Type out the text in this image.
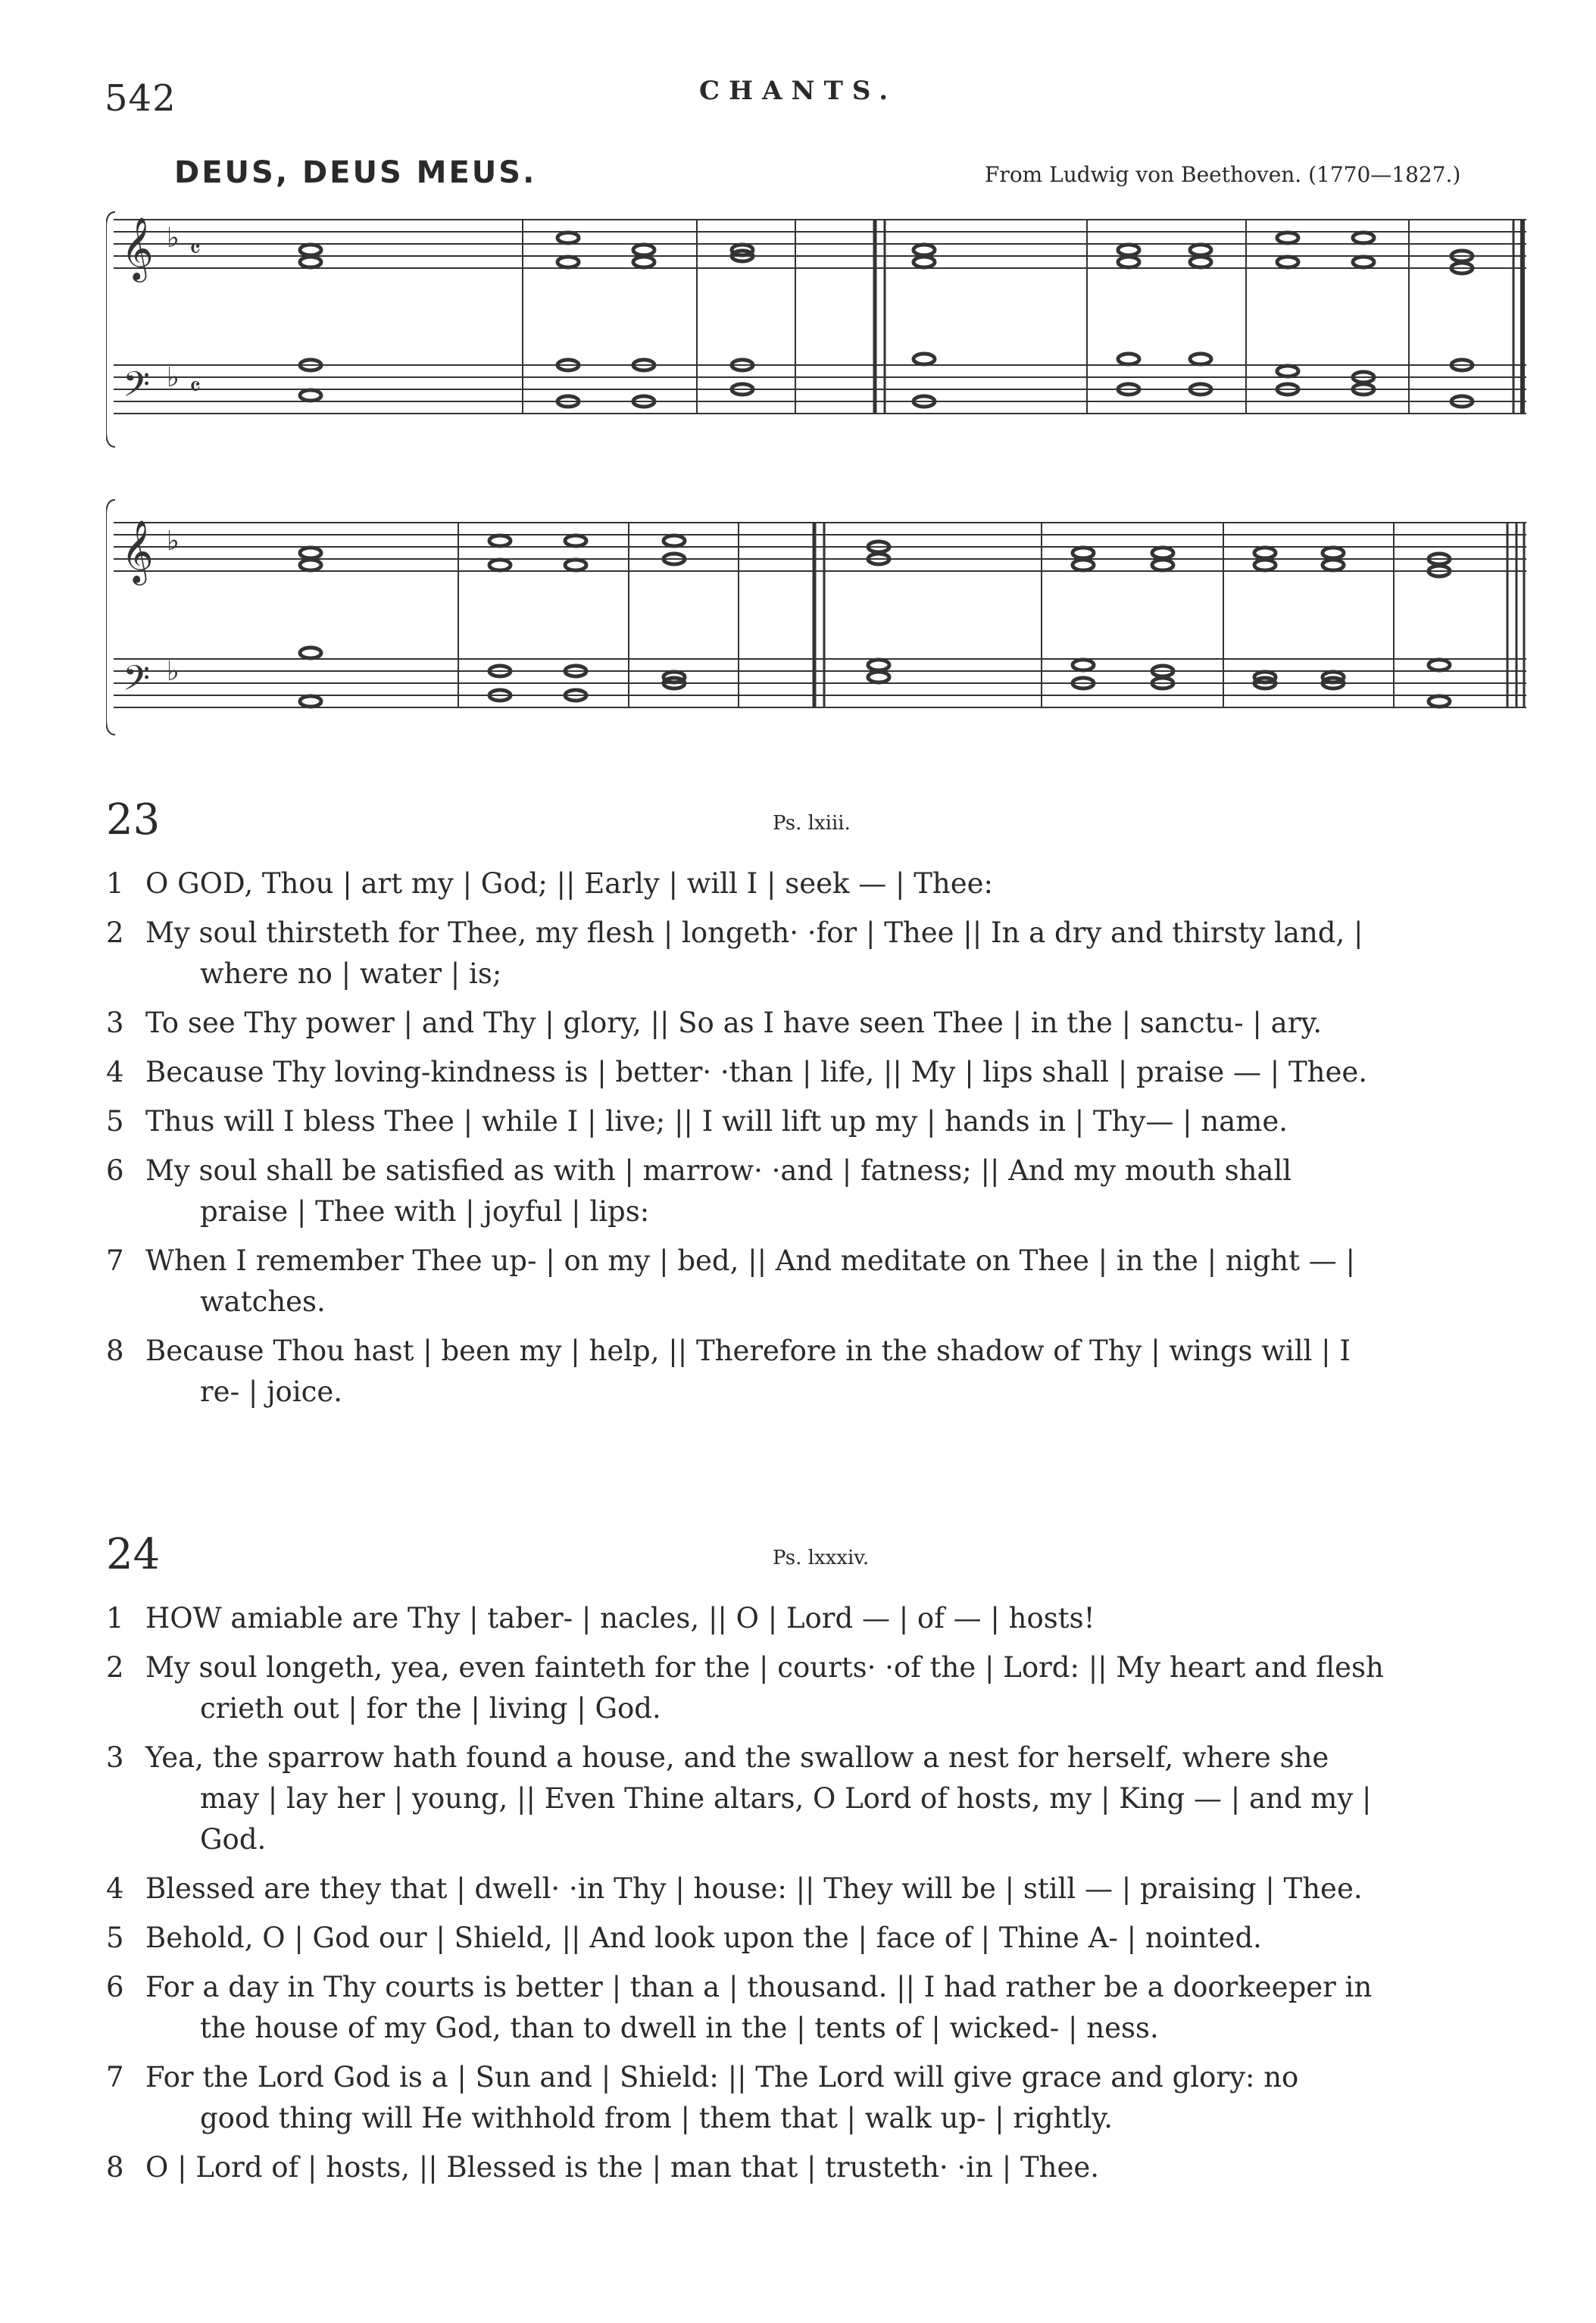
542	CHANTS.
DEUS, DEUS MEUS.	From Ludwig von Beethoven. (1770—1827.)
𝄞
𝄢
♭
♭
𝄴
𝄴
𝄞
𝄢
♭
♭
23	Ps. lxiii.
1 O GOD, Thou | art my | God; || Early | will I | seek — | Thee:
2 My soul thirsteth for Thee, my flesh | longeth· ·for | Thee || In a dry and thirsty land, |
where no | water | is;
3 To see Thy power | and Thy | glory, || So as I have seen Thee | in the | sanctu- | ary.
4 Because Thy loving-kindness is | better· ·than | life, || My | lips shall | praise — | Thee.
5 Thus will I bless Thee | while I | live; || I will lift up my | hands in | Thy— | name.
6 My soul shall be satisfied as with | marrow· ·and | fatness; || And my mouth shall
praise | Thee with | joyful | lips:
7 When I remember Thee up- | on my | bed, || And meditate on Thee | in the | night — |
watches.
8 Because Thou hast | been my | help, || Therefore in the shadow of Thy | wings will | I
re- | joice.
24	Ps. lxxxiv.
1 HOW amiable are Thy | taber- | nacles, || O | Lord — | of — | hosts!
2 My soul longeth, yea, even fainteth for the | courts· ·of the | Lord: || My heart and flesh
crieth out | for the | living | God.
3 Yea, the sparrow hath found a house, and the swallow a nest for herself, where she
may | lay her | young, || Even Thine altars, O Lord of hosts, my | King — | and my |
God.
4 Blessed are they that | dwell· ·in Thy | house: || They will be | still — | praising | Thee.
5 Behold, O | God our | Shield, || And look upon the | face of | Thine A- | nointed.
6 For a day in Thy courts is better | than a | thousand. || I had rather be a doorkeeper in
the house of my God, than to dwell in the | tents of | wicked- | ness.
7 For the Lord God is a | Sun and | Shield: || The Lord will give grace and glory: no
good thing will He withhold from | them that | walk up- | rightly.
8 O | Lord of | hosts, || Blessed is the | man that | trusteth· ·in | Thee.
